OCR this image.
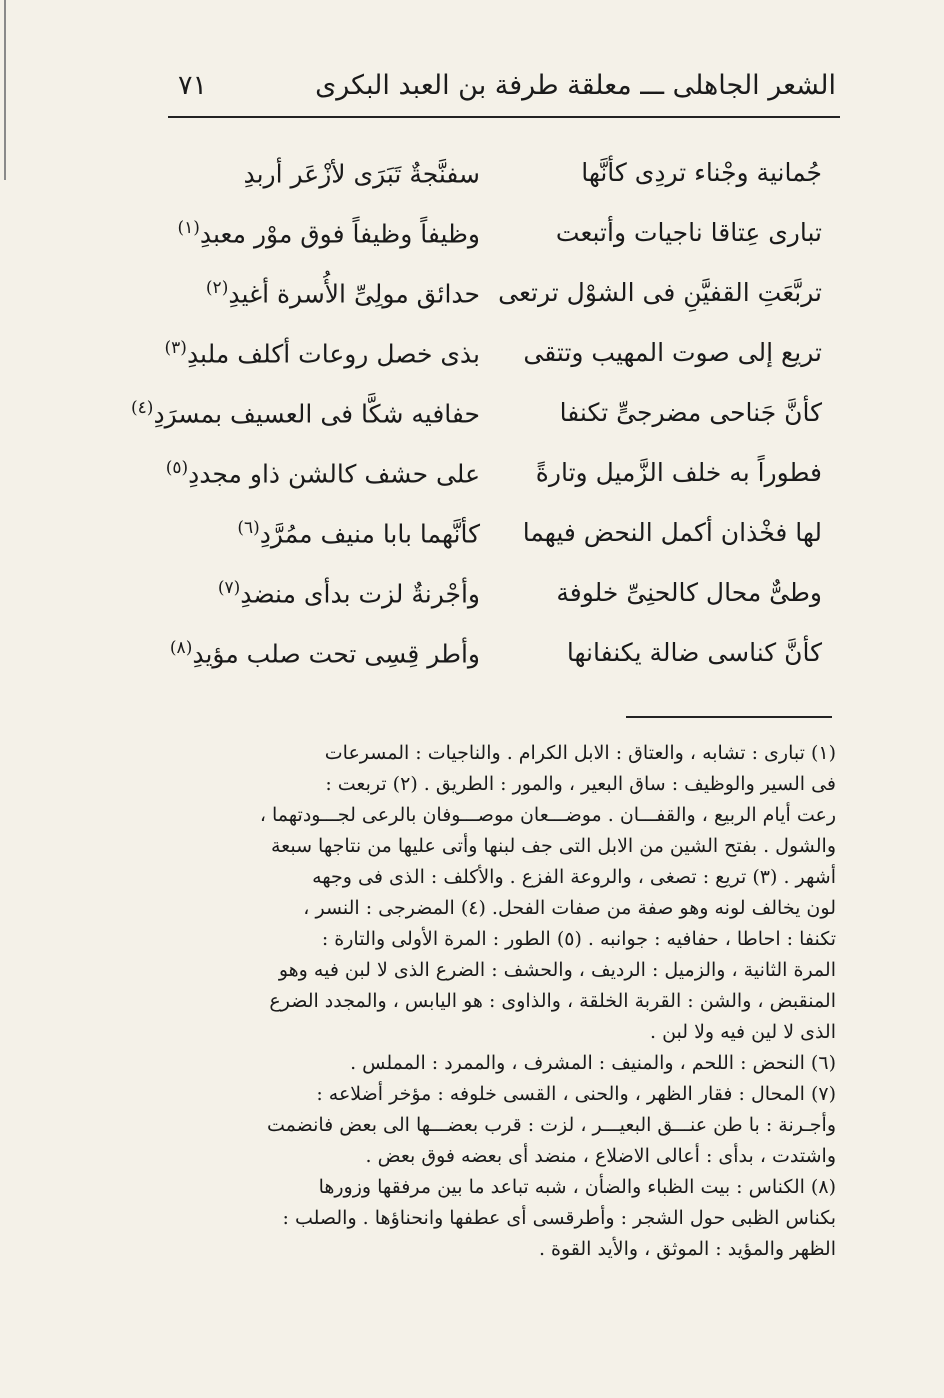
الشعر الجاهلى ـــ معلقة طرفة بن العبد البكرى
٧١
جُمانية وجْناء تردِى كأنَّها
سفنَّجةٌ تَبَرَى لأزْعَر أربدِ
تبارى عِتاقا ناجيات وأتبعت
وظيفاً وظيفاً فوق موْر معبدِ$^{(١)}$
تربَّعَتِ القفيَّنِ فى الشوْل ترتعى
حدائق مولِىِّ الأُسرة أغيدِ$^{(٢)}$
تريع إلى صوت المهيب وتتقى
بذى خصل روعات أكلف ملبدِ$^{(٣)}$
كأنَّ جَناحى مضرجىٍّ تكنفا
حفافيه شكَّا فى العسيف بمسرَدِ$^{(٤)}$
فطوراً به خلف الزَّميل وتارةً
على حشف كالشن ذاو مجددِ$^{(٥)}$
لها فخْذان أكمل النحض فيهما
كأنَّهما بابا منيف ممُرَّدِ$^{(٦)}$
وطىٌّ محال كالحنِىِّ خلوفة
وأجْرنةٌ لزت بدأى منضدِ$^{(٧)}$
كأنَّ كناسى ضالة يكنفانها
وأطر قِسِى تحت صلب مؤيدِ$^{(٨)}$
(١) تبارى : تشابه ، والعتاق : الابل الكرام . والناجيات : المسرعات
فى السير والوظيف : ساق البعير ، والمور : الطريق . (٢) تربعت :
رعت أيام الربيع ، والقفـــان . موضـــعان موصـــوفان بالرعى لجـــودتهما ،
والشول . بفتح الشين من الابل التى جف لبنها وأتى عليها من نتاجها سبعة
أشهر . (٣) تريع : تصغى ، والروعة الفزع . والأكلف : الذى فى وجهه
لون يخالف لونه وهو صفة من صفات الفحل. (٤) المضرجى : النسر ،
تكنفا : احاطا ، حفافيه : جوانبه . (٥) الطور : المرة الأولى والتارة :
المرة الثانية ، والزميل : الرديف ، والحشف : الضرع الذى لا لبن فيه وهو
المنقبض ، والشن : القربة الخلقة ، والذاوى : هو اليابس ، والمجدد الضرع
الذى لا لين فيه ولا لبن .
(٦) النحض : اللحم ، والمنيف : المشرف ، والممرد : المملس .
(٧) المحال : فقار الظهر ، والحنى ، القسى خلوفه : مؤخر أضلاعه :
وأجـرنة : با طن عنـــق البعيـــر ، لزت : قرب بعضـــها الى بعض فانضمت
واشتدت ، بدأى : أعالى الاضلاع ، منضد أى بعضه فوق بعض .
(٨) الكناس : بيت الظباء والضأن ، شبه تباعد ما بين مرفقها وزورها
بكناس الظبى حول الشجر : وأطرقسى أى عطفها وانحناؤها . والصلب :
الظهر والمؤيد : الموثق ، والأيد القوة .
